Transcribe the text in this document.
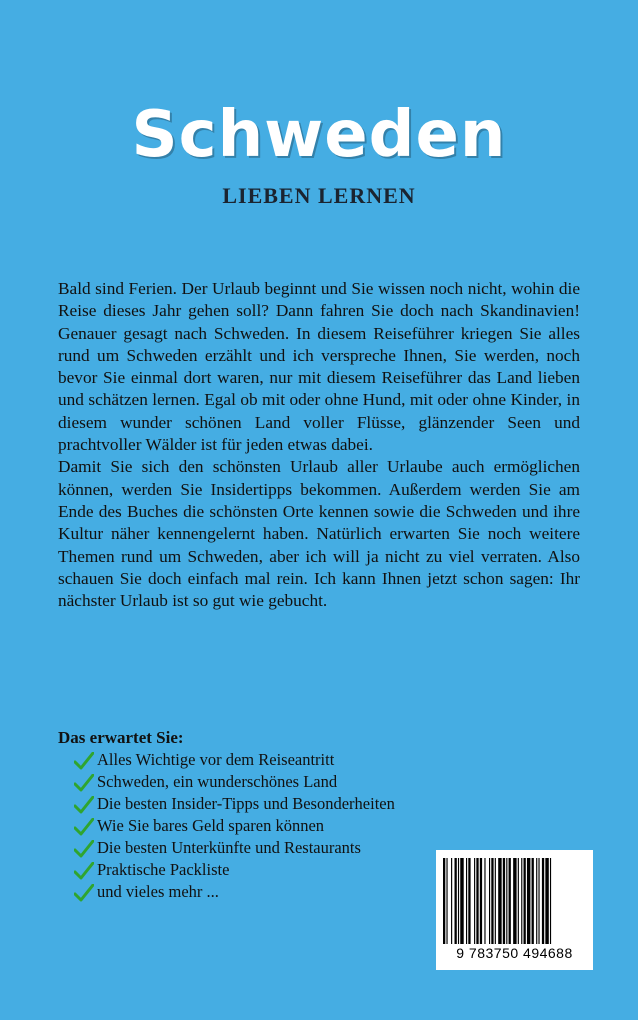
Schweden
LIEBEN LERNEN

Bald sind Ferien. Der Urlaub beginnt und Sie wissen noch nicht, wohin die Reise dieses Jahr gehen soll? Dann fahren Sie doch nach Skandinavien! Genauer gesagt nach Schweden. In diesem Reiseführer kriegen Sie alles rund um Schweden erzählt und ich verspreche Ihnen, Sie werden, noch bevor Sie einmal dort waren, nur mit diesem Reiseführer das Land lieben und schätzen lernen. Egal ob mit oder ohne Hund, mit oder ohne Kinder, in diesem wunder schönen Land voller Flüsse, glänzender Seen und prachtvoller Wälder ist für jeden etwas dabei.

Damit Sie sich den schönsten Urlaub aller Urlaube auch ermöglichen können, werden Sie Insidertipps bekommen. Außerdem werden Sie am Ende des Buches die schönsten Orte kennen sowie die Schweden und ihre Kultur näher kennengelernt haben. Natürlich erwarten Sie noch weitere Themen rund um Schweden, aber ich will ja nicht zu viel verraten. Also schauen Sie doch einfach mal rein. Ich kann Ihnen jetzt schon sagen: Ihr nächster Urlaub ist so gut wie gebucht.

Das erwartet Sie:
Alles Wichtige vor dem Reiseantritt
Schweden, ein wunderschönes Land
Die besten Insider-Tipps und Besonderheiten
Wie Sie bares Geld sparen können
Die besten Unterkünfte und Restaurants
Praktische Packliste
und vieles mehr ...
9 783750 494688
